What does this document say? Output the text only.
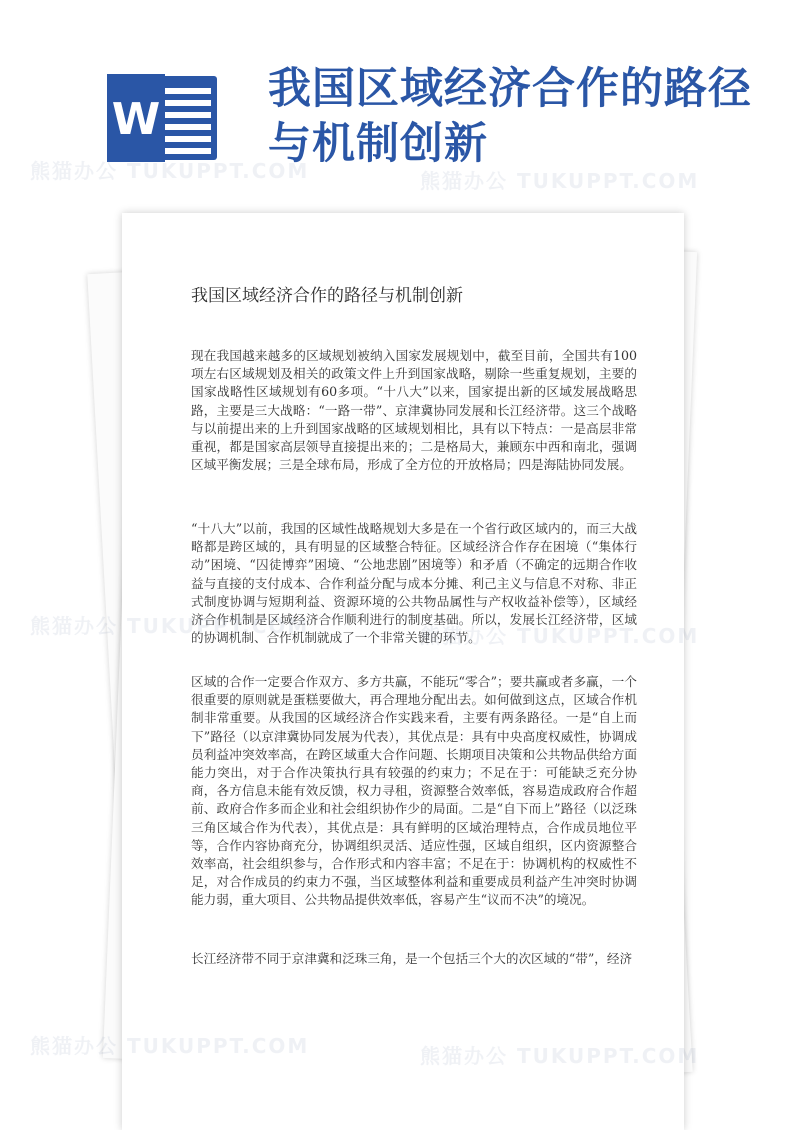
W
我国区域经济合作的路径与机制创新
我国区域经济合作的路径与机制创新

现在我国越来越多的区域规划被纳入国家发展规划中，截至目前，全国共有100项左右区域规划及相关的政策文件上升到国家战略，剔除一些重复规划，主要的国家战略性区域规划有60多项。“十八大”以来，国家提出新的区域发展战略思路，主要是三大战略：“一路一带”、京津冀协同发展和长江经济带。这三个战略与以前提出来的上升到国家战略的区域规划相比，具有以下特点：一是高层非常重视，都是国家高层领导直接提出来的；二是格局大，兼顾东中西和南北，强调区域平衡发展；三是全球布局，形成了全方位的开放格局；四是海陆协同发展。

“十八大”以前，我国的区域性战略规划大多是在一个省行政区域内的，而三大战略都是跨区域的，具有明显的区域整合特征。区域经济合作存在困境（“集体行动”困境、“囚徒博弈”困境、“公地悲剧”困境等）和矛盾（不确定的远期合作收益与直接的支付成本、合作利益分配与成本分摊、利己主义与信息不对称、非正式制度协调与短期利益、资源环境的公共物品属性与产权收益补偿等），区域经济合作机制是区域经济合作顺利进行的制度基础。所以，发展长江经济带，区域的协调机制、合作机制就成了一个非常关键的环节。

区域的合作一定要合作双方、多方共赢，不能玩“零合”；要共赢或者多赢，一个很重要的原则就是蛋糕要做大，再合理地分配出去。如何做到这点，区域合作机制非常重要。从我国的区域经济合作实践来看，主要有两条路径。一是“自上而下”路径（以京津冀协同发展为代表），其优点是：具有中央高度权威性，协调成员利益冲突效率高，在跨区域重大合作问题、长期项目决策和公共物品供给方面能力突出，对于合作决策执行具有较强的约束力；不足在于：可能缺乏充分协商，各方信息未能有效反馈，权力寻租，资源整合效率低，容易造成政府合作超前、政府合作多而企业和社会组织协作少的局面。二是“自下而上”路径（以泛珠三角区域合作为代表），其优点是：具有鲜明的区域治理特点，合作成员地位平等，合作内容协商充分，协调组织灵活、适应性强，区域自组织，区内资源整合效率高，社会组织参与，合作形式和内容丰富；不足在于：协调机构的权威性不足，对合作成员的约束力不强，当区域整体利益和重要成员利益产生冲突时协调能力弱，重大项目、公共物品提供效率低，容易产生“议而不决”的境况。

长江经济带不同于京津冀和泛珠三角，是一个包括三个大的次区域的“带”，经济

熊猫办公 TUKUPPT.COM	熊猫办公 TUKUPPT.COM
熊猫办公
熊猫办公
